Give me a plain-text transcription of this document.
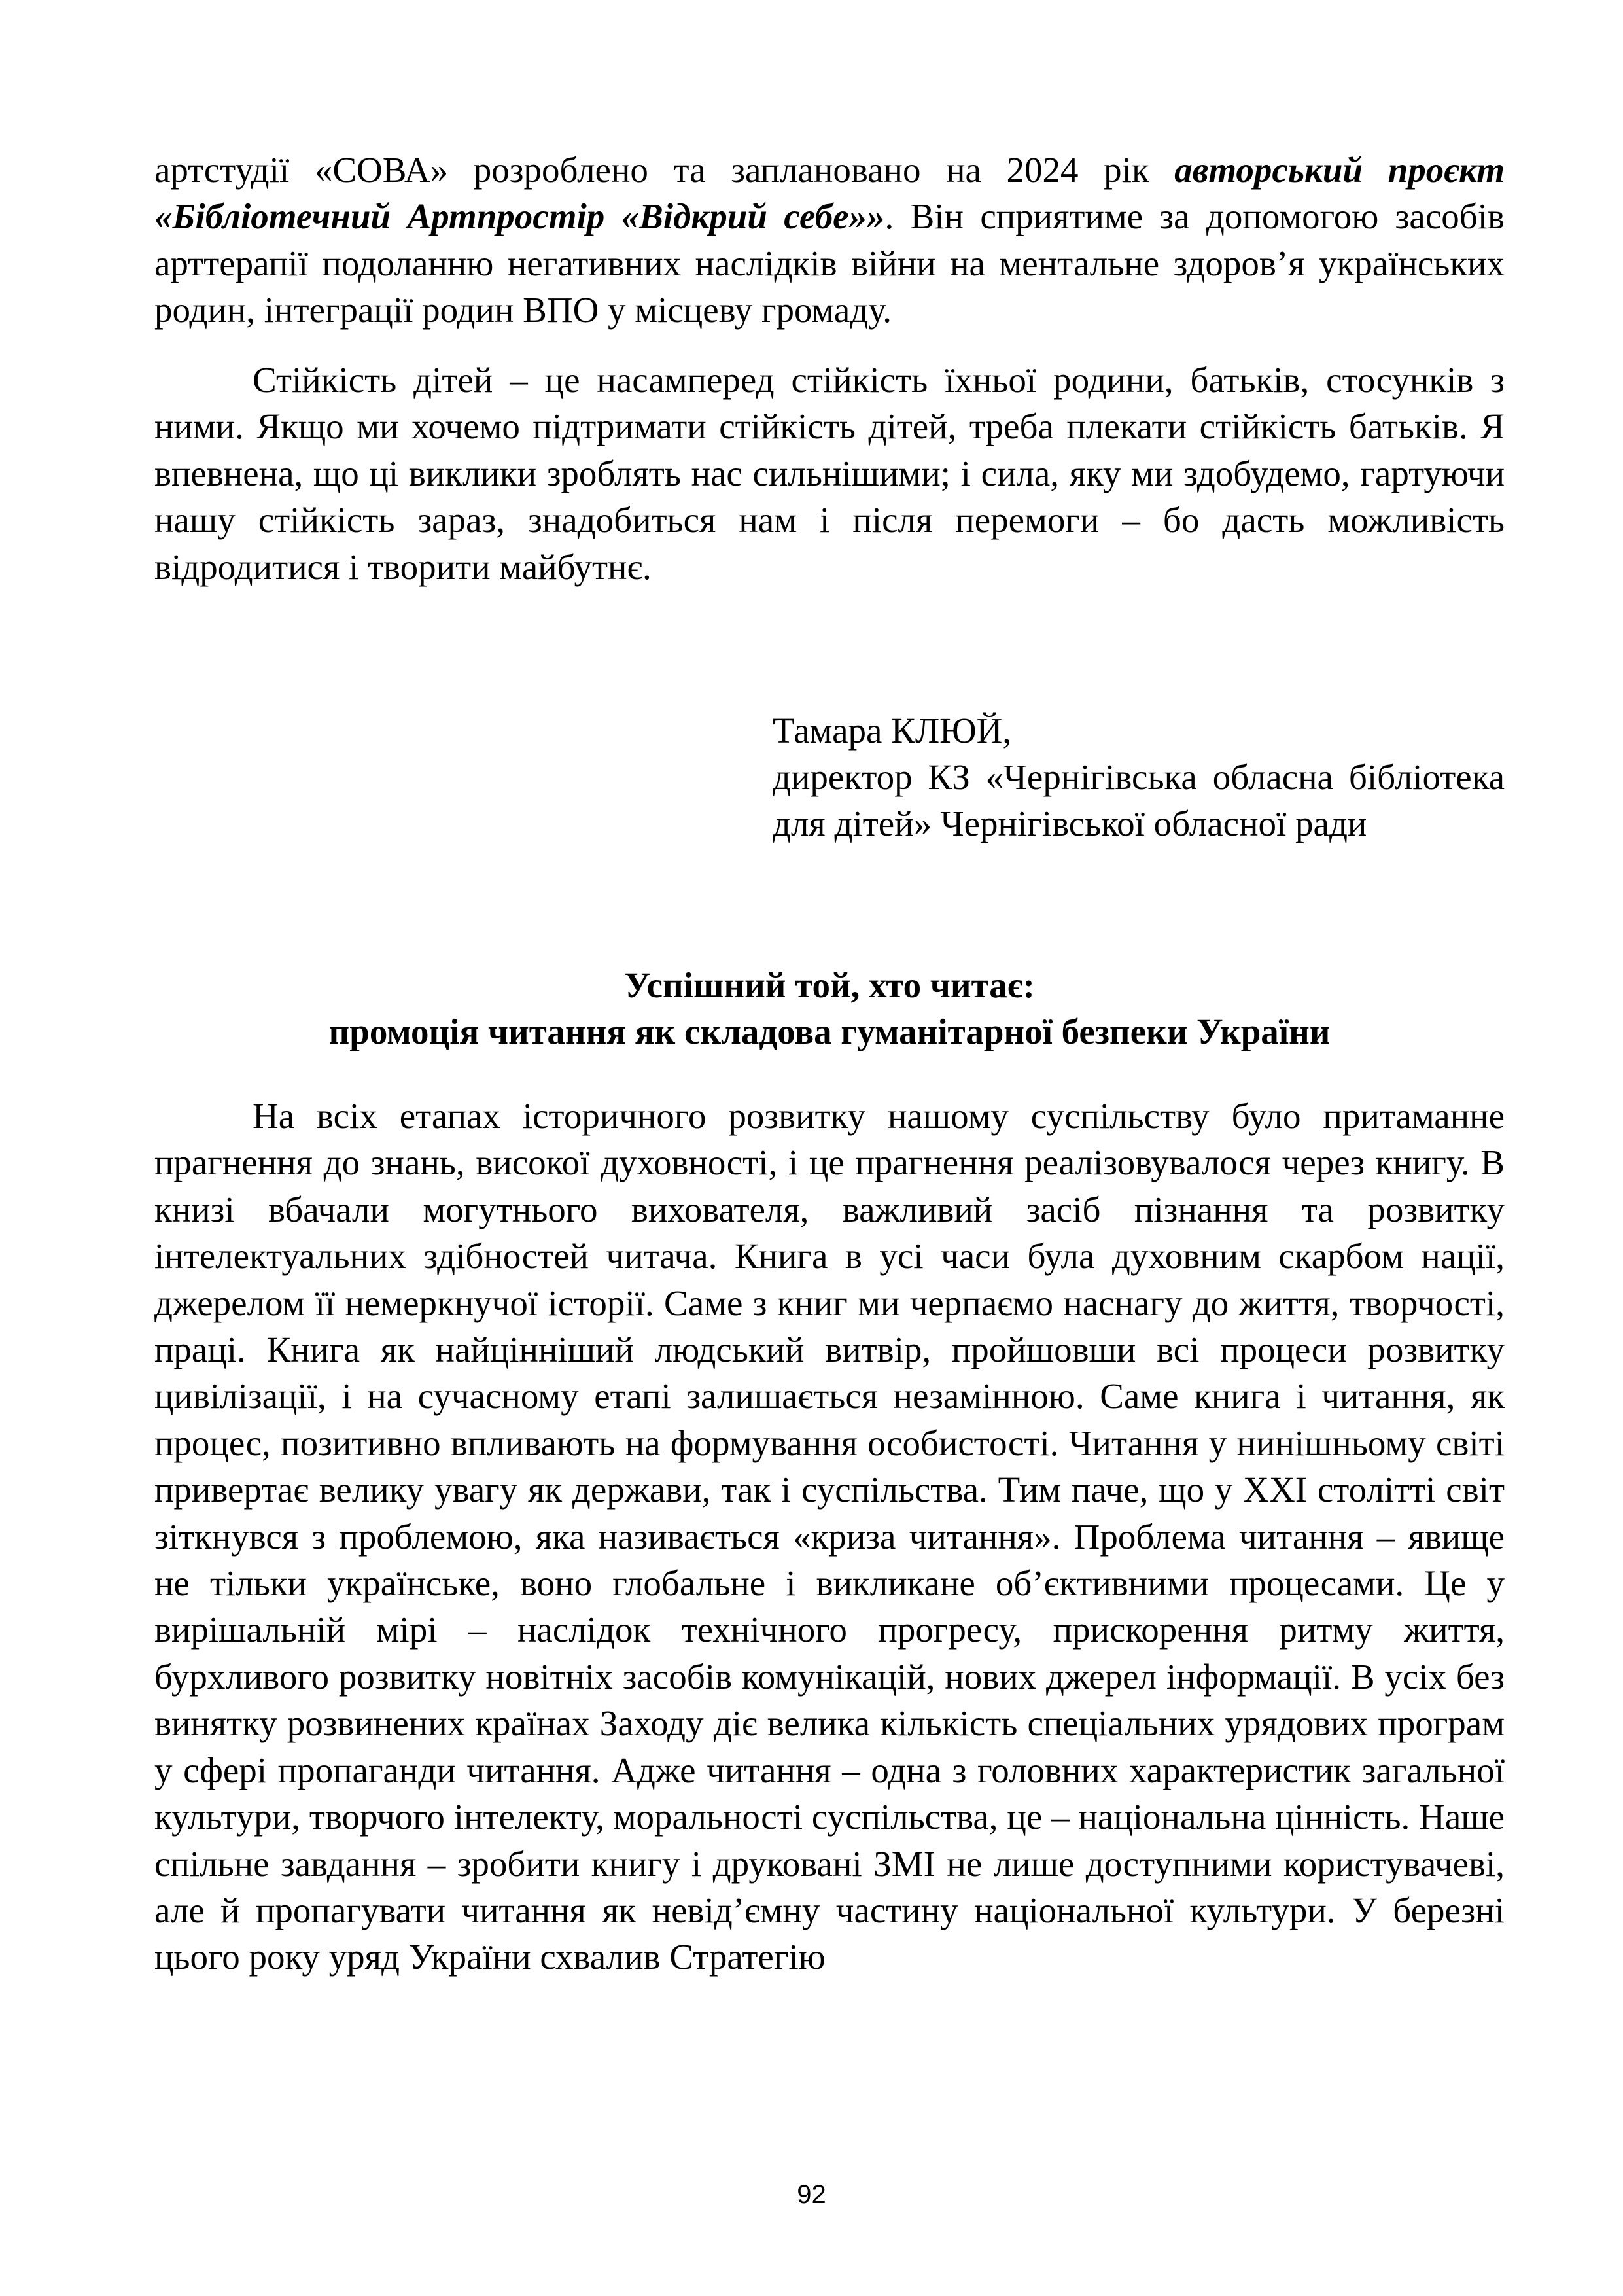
артстудії «СОВА» розроблено та заплановано на 2024 рік авторський проєкт «Бібліотечний Артпростір «Відкрий себе»». Він сприятиме за допомогою засобів арттерапії подоланню негативних наслідків війни на ментальне здоров’я українських родин, інтеграції родин ВПО у місцеву громаду.

Стійкість дітей – це насамперед стійкість їхньої родини, батьків, стосунків з ними. Якщо ми хочемо підтримати стійкість дітей, треба плекати стійкість батьків. Я впевнена, що ці виклики зроблять нас сильнішими; і сила, яку ми здобудемо, гартуючи нашу стійкість зараз, знадобиться нам і після перемоги – бо дасть можливість відродитися і творити майбутнє.

Тамара КЛЮЙ,
директор КЗ «Чернігівська обласна бібліотека для дітей» Чернігівської обласної ради
Успішний той, хто читає:
промоція читання як складова гуманітарної безпеки України

На всіх етапах історичного розвитку нашому суспільству було притаманне прагнення до знань, високої духовності, і це прагнення реалізовувалося через книгу. В книзі вбачали могутнього вихователя, важливий засіб пізнання та розвитку інтелектуальних здібностей читача. Книга в усі часи була духовним скарбом нації, джерелом її немеркнучої історії. Саме з книг ми черпаємо наснагу до життя, творчості, праці. Книга як найцінніший людський витвір, пройшовши всі процеси розвитку цивілізації, і на сучасному етапі залишається незамінною. Саме книга і читання, як процес, позитивно впливають на формування особистості. Читання у нинішньому світі привертає велику увагу як держави, так і суспільства. Тим паче, що у ХХІ столітті світ зіткнувся з проблемою, яка називається «криза читання». Проблема читання – явище не тільки українське, воно глобальне і викликане об’єктивними процесами. Це у вирішальній мірі – наслідок технічного прогресу, прискорення ритму життя, бурхливого розвитку новітніх засобів комунікацій, нових джерел інформації. В усіх без винятку розвинених країнах Заходу діє велика кількість спеціальних урядових програм у сфері пропаганди читання. Адже читання – одна з головних характеристик загальної культури, творчого інтелекту, моральності суспільства, це – національна цінність. Наше спільне завдання – зробити книгу і друковані ЗМІ не лише доступними користувачеві, але й пропагувати читання як невід’ємну частину національної культури. У березні цього року уряд України схвалив Стратегію

92
